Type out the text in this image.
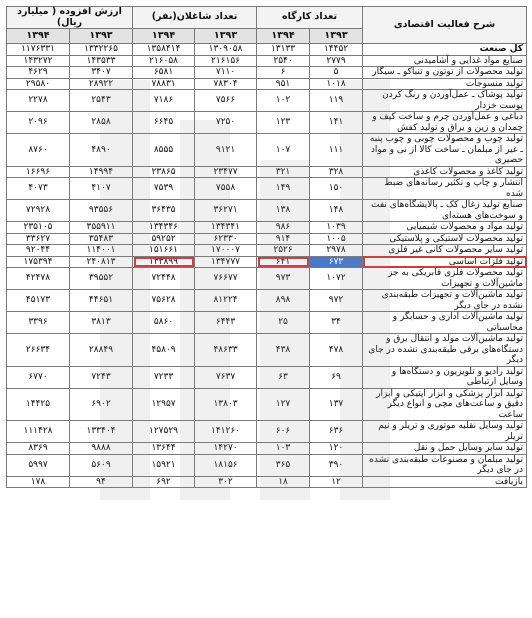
شرح فعالیت اقتصادی	تعداد کارگاه		تعداد شاغلان(نفر)		ارزش افزوده ( میلیارد ریال)	
	۱۳۹۳	۱۳۹۴	۱۳۹۳	۱۳۹۴	۱۳۹۳	۱۳۹۴
کل صنعت	۱۴۴۵۲	۱۳۱۳۳	۱۳۰۹۰۵۸	۱۳۵۸۴۱۴	۱۳۳۲۲۶۵	۱۱۷۶۳۳۱
صنایع مواد غذایی و آشامیدنی	۲۷۷۹	۲۵۴۰	۲۱۶۱۵۶	۲۱۶۰۵۸	۱۴۳۵۳۳	۱۴۳۲۷۲
تولید محصولات از توتون و تنباکو ـ سیگار	۵	۶	۷۱۱۰	۶۵۸۱	۳۴۰۷	۴۶۲۹
تولید منسوجات	۱۰۱۸	۹۵۱	۷۸۳۰۴	۷۸۸۳۱	۲۸۹۲۲	۲۹۵۸۰
تولید پوشاک ـ عمل‌آوردن و رنگ کردن پوست خزدار	۱۱۹	۱۰۲	۷۵۶۶	۷۱۸۶	۲۵۴۳	۲۲۷۸
دباغی و عمل‌آوردن چرم و ساخت کیف و چمدان و زین و یراق و تولید کفش	۱۴۱	۱۲۳	۷۲۵۰	۶۶۴۵	۲۸۵۸	۲۰۹۶
تولید چوب و محصولات چوبی و چوب پنبه ـ غیر از مبلمان ـ ساخت کالا از نی و مواد حصیری	۱۱۱	۱۰۷	۹۱۲۱	۸۵۵۵	۴۸۹۰	۸۷۶۰
تولید کاغذ و محصولات کاغذی	۳۲۸	۳۲۱	۲۳۴۷۷	۲۳۸۶۵	۱۴۹۹۴	۱۶۶۹۶
انتشار و چاپ و تکثیر رسانه‌های ضبط شده	۱۵۰	۱۴۹	۷۵۵۸	۷۵۳۹	۴۱۰۷	۴۰۷۳
صنایع تولید زغال کک ـ پالایشگاه‌های نفت و سوخت‌های هسته‌ای	۱۴۸	۱۳۸	۳۶۲۷۱	۳۶۴۳۵	۹۳۵۵۶	۷۲۹۲۸
تولید مواد و محصولات شیمیایی	۱۰۳۹	۹۸۶	۱۳۴۳۴۱	۱۳۴۳۴۶	۳۵۵۹۱۱	۲۳۵۱۰۵
تولید محصولات لاستیکی و پلاستیکی	۱۰۰۵	۹۱۴	۶۲۳۳۰	۵۹۲۵۲	۳۵۴۸۳	۳۳۶۲۷
تولید سایر محصولات کانی غیر فلزی	۲۹۷۸	۲۵۲۶	۱۷۰۰۰۷	۱۵۱۶۶۱	۱۱۴۰۰۱	۹۲۰۴۴
تولید فلزات اساسی	۶۷۳	۶۴۱	۱۳۴۷۷۷	۱۳۳۸۹۹	۲۴۰۸۱۳	۱۷۵۳۹۴
تولید محصولات فلزی فابریکی به جز ماشین‌آلات و تجهیزات	۱۰۷۲	۹۷۳	۷۶۶۷۷	۷۲۴۴۸	۳۹۵۵۲	۴۲۴۷۸
تولید ماشین‌آلات و تجهیزات طبقه‌بندی نشده در جای دیگر	۹۷۲	۸۹۸	۸۱۲۲۴	۷۵۶۲۸	۴۴۶۵۱	۴۵۱۷۳
تولید ماشین‌آلات اداری و حسابگر و محاسباتی	۳۴	۲۵	۶۴۴۳	۵۸۶۰	۳۸۱۳	۳۳۹۶
تولید ماشین‌آلات مولد و انتقال برق و دستگاه‌های برقی طبقه‌بندی نشده در جای دیگر	۴۷۸	۴۳۸	۴۸۶۳۳	۴۵۸۰۹	۲۸۸۴۹	۲۶۶۳۴
تولید رادیو و تلویزیون و دستگاه‌ها و وسایل ارتباطی	۶۹	۶۳	۷۶۳۷	۷۲۳۳	۷۲۴۳	۶۷۷۰
تولید ابزار پزشکی و ابزار اپتیکی و ابزار دقیق و ساعت‌های مچی و انواع دیگر ساعت	۱۳۷	۱۲۷	۱۳۸۰۳	۱۲۹۵۷	۶۹۰۲	۱۴۴۲۵
تولید وسایل نقلیه موتوری و تریلر و نیم تریلر	۶۳۶	۶۰۶	۱۴۱۲۶۰	۱۲۷۵۲۹	۱۳۳۴۰۴	۱۱۱۴۲۸
تولید سایر وسایل حمل و نقل	۱۲۰	۱۰۳	۱۴۲۷۰	۱۳۶۴۴	۹۸۸۸	۸۳۶۹
تولید مبلمان و مصنوعات طبقه‌بندی نشده در جای دیگر	۳۹۰	۳۶۵	۱۸۱۵۶	۱۵۹۲۱	۵۶۰۹	۵۹۹۷
بازیافت	۱۲	۱۸	۳۰۲	۶۹۲	۹۴	۱۷۸
